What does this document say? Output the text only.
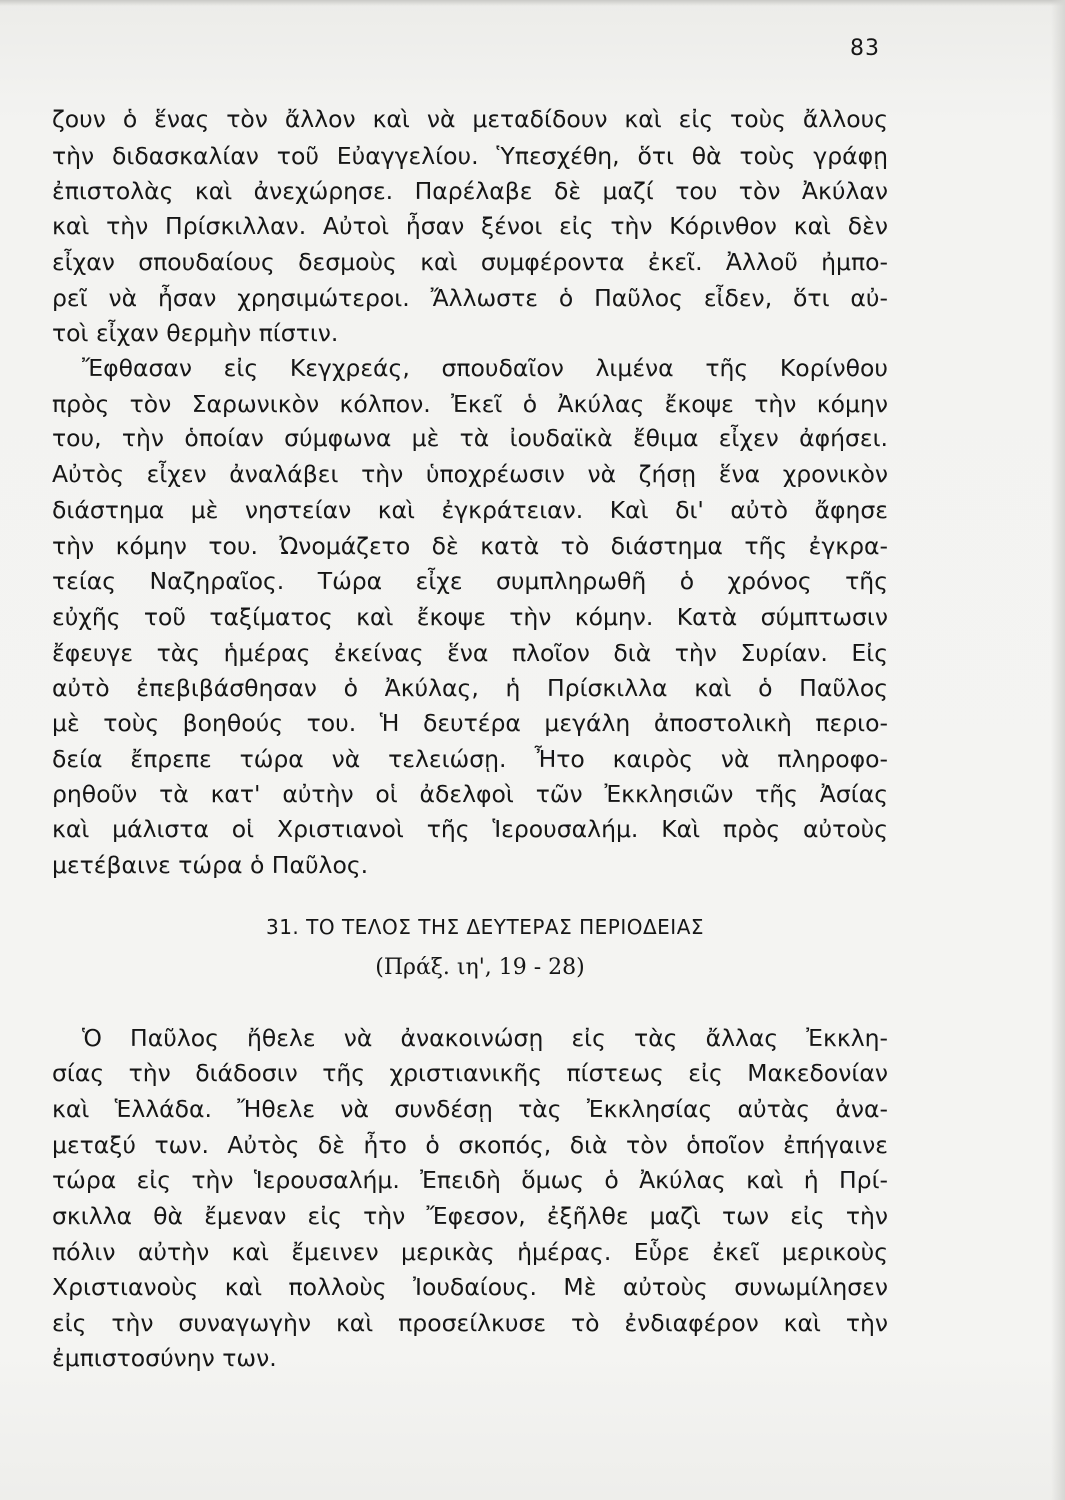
83
ζουν ὁ ἕνας τὸν ἄλλον καὶ νὰ μεταδίδουν καὶ εἰς τοὺς ἄλλους
τὴν διδασκαλίαν τοῦ Εὐαγγελίου. Ὑπεσχέθη, ὅτι θὰ τοὺς γράφῃ
ἐπιστολὰς καὶ ἀνεχώρησε. Παρέλαβε δὲ μαζί του τὸν Ἀκύλαν
καὶ τὴν Πρίσκιλλαν. Αὐτοὶ ἦσαν ξένοι εἰς τὴν Κόρινθον καὶ δὲν
εἶχαν σπουδαίους δεσμοὺς καὶ συμφέροντα ἐκεῖ. Ἀλλοῦ ἠμπο-
ρεῖ νὰ ἦσαν χρησιμώτεροι. Ἄλλωστε ὁ Παῦλος εἶδεν, ὅτι αὐ-
τοὶ εἶχαν θερμὴν πίστιν.
Ἔφθασαν εἰς Κεγχρεάς, σπουδαῖον λιμένα τῆς Κορίνθου
πρὸς τὸν Σαρωνικὸν κόλπον. Ἐκεῖ ὁ Ἀκύλας ἔκοψε τὴν κόμην
του, τὴν ὁποίαν σύμφωνα μὲ τὰ ἰουδαϊκὰ ἔθιμα εἶχεν ἀφήσει.
Αὐτὸς εἶχεν ἀναλάβει τὴν ὑποχρέωσιν νὰ ζήσῃ ἕνα χρονικὸν
διάστημα μὲ νηστείαν καὶ ἐγκράτειαν. Καὶ δι' αὐτὸ ἄφησε
τὴν κόμην του. Ὠνομάζετο δὲ κατὰ τὸ διάστημα τῆς ἐγκρα-
τείας Ναζηραῖος. Τώρα εἶχε συμπληρωθῆ ὁ χρόνος τῆς
εὐχῆς τοῦ ταξίματος καὶ ἔκοψε τὴν κόμην. Κατὰ σύμπτωσιν
ἔφευγε τὰς ἡμέρας ἐκείνας ἕνα πλοῖον διὰ τὴν Συρίαν. Εἰς
αὐτὸ ἐπεβιβάσθησαν ὁ Ἀκύλας, ἡ Πρίσκιλλα καὶ ὁ Παῦλος
μὲ τοὺς βοηθούς του. Ἡ δευτέρα μεγάλη ἀποστολικὴ περιο-
δεία ἔπρεπε τώρα νὰ τελειώσῃ. Ἦτο καιρὸς νὰ πληροφο-
ρηθοῦν τὰ κατ' αὐτὴν οἱ ἀδελφοὶ τῶν Ἐκκλησιῶν τῆς Ἀσίας
καὶ μάλιστα οἱ Χριστιανοὶ τῆς Ἱερουσαλήμ. Καὶ πρὸς αὐτοὺς
μετέβαινε τώρα ὁ Παῦλος.
31. ΤΟ ΤΕΛΟΣ ΤΗΣ ΔΕΥΤΕΡΑΣ ΠΕΡΙΟΔΕΙΑΣ
(Πράξ. ιη', 19 - 28)
Ὁ Παῦλος ἤθελε νὰ ἀνακοινώσῃ εἰς τὰς ἄλλας Ἐκκλη-
σίας τὴν διάδοσιν τῆς χριστιανικῆς πίστεως εἰς Μακεδονίαν
καὶ Ἑλλάδα. Ἤθελε νὰ συνδέσῃ τὰς Ἐκκλησίας αὐτὰς ἀνα-
μεταξύ των. Αὐτὸς δὲ ἦτο ὁ σκοπός, διὰ τὸν ὁποῖον ἐπήγαινε
τώρα εἰς τὴν Ἱερουσαλήμ. Ἐπειδὴ ὅμως ὁ Ἀκύλας καὶ ἡ Πρί-
σκιλλα θὰ ἔμεναν εἰς τὴν Ἔφεσον, ἐξῆλθε μαζὶ των εἰς τὴν
πόλιν αὐτὴν καὶ ἔμεινεν μερικὰς ἡμέρας. Εὗρε ἐκεῖ μερικοὺς
Χριστιανοὺς καὶ πολλοὺς Ἰουδαίους. Μὲ αὐτοὺς συνωμίλησεν
εἰς τὴν συναγωγὴν καὶ προσείλκυσε τὸ ἐνδιαφέρον καὶ τὴν
ἐμπιστοσύνην των.
